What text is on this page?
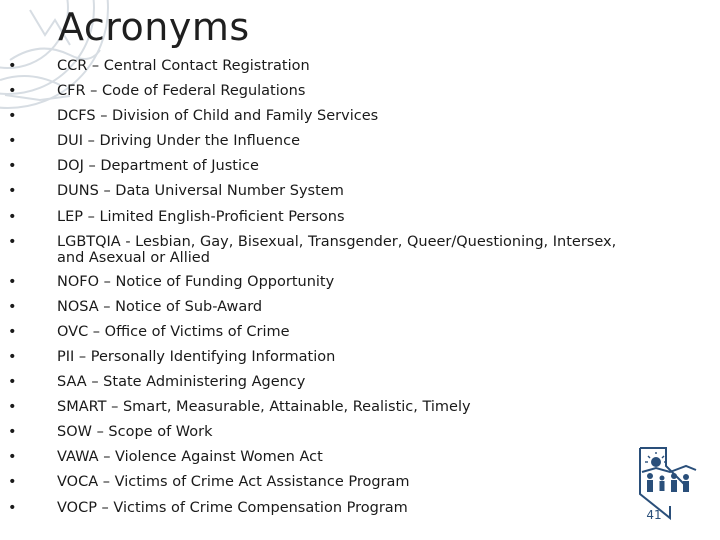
Acronyms
•	CCR – Central Contact Registration
•	CFR – Code of Federal Regulations
•	DCFS – Division of Child and Family Services
•	DUI – Driving Under the Influence
•	DOJ – Department of Justice
•	DUNS – Data Universal Number System
•	LEP – Limited English-Proficient Persons
•	LGBTQIA - Lesbian, Gay, Bisexual, Transgender, Queer/Questioning, Intersex, and Asexual or Allied
•	NOFO – Notice of Funding Opportunity
•	NOSA – Notice of Sub-Award
•	OVC – Office of Victims of Crime
•	PII – Personally Identifying Information
•	SAA – State Administering Agency
•	SMART – Smart, Measurable, Attainable, Realistic, Timely
•	SOW – Scope of Work
•	VAWA – Violence Against Women Act
•	VOCA – Victims of Crime Act Assistance Program
•	VOCP – Victims of Crime Compensation Program	41
